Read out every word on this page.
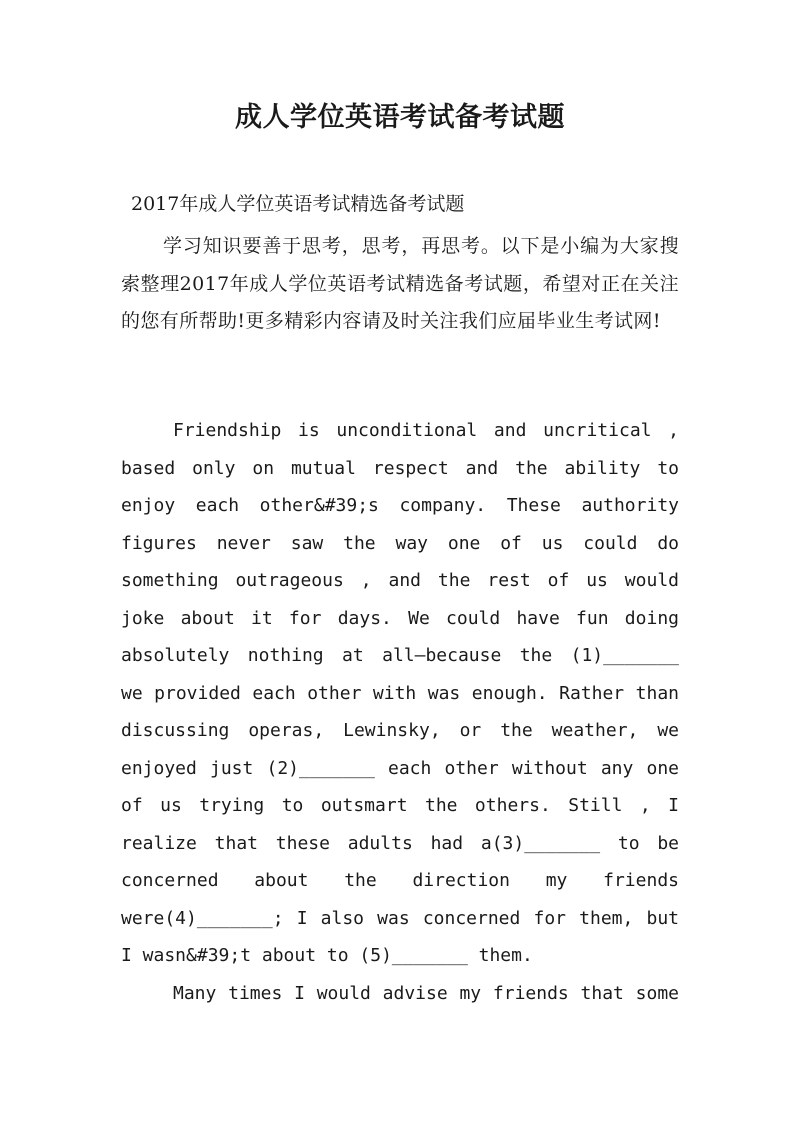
成人学位英语考试备考试题
2017年成人学位英语考试精选备考试题
学习知识要善于思考，思考，再思考。以下是小编为大家搜索整理2017年成人学位英语考试精选备考试题，希望对正在关注的您有所帮助!更多精彩内容请及时关注我们应届毕业生考试网!
Friendship is unconditional and uncritical ,
based only on mutual respect and the ability to
enjoy each other&#39;s company. These authority
figures never saw the way one of us could do
something outrageous , and the rest of us would
joke about it for days. We could have fun doing
absolutely nothing at all—because the (1)_______
we provided each other with was enough. Rather than
discussing operas, Lewinsky, or the weather, we
enjoyed just (2)_______ each other without any one
of us trying to outsmart the others. Still , I
realize that these adults had a(3)_______ to be
concerned about the direction my friends
were(4)_______; I also was concerned for them, but
I wasn&#39;t about to (5)_______ them.
Many times I would advise my friends that some
